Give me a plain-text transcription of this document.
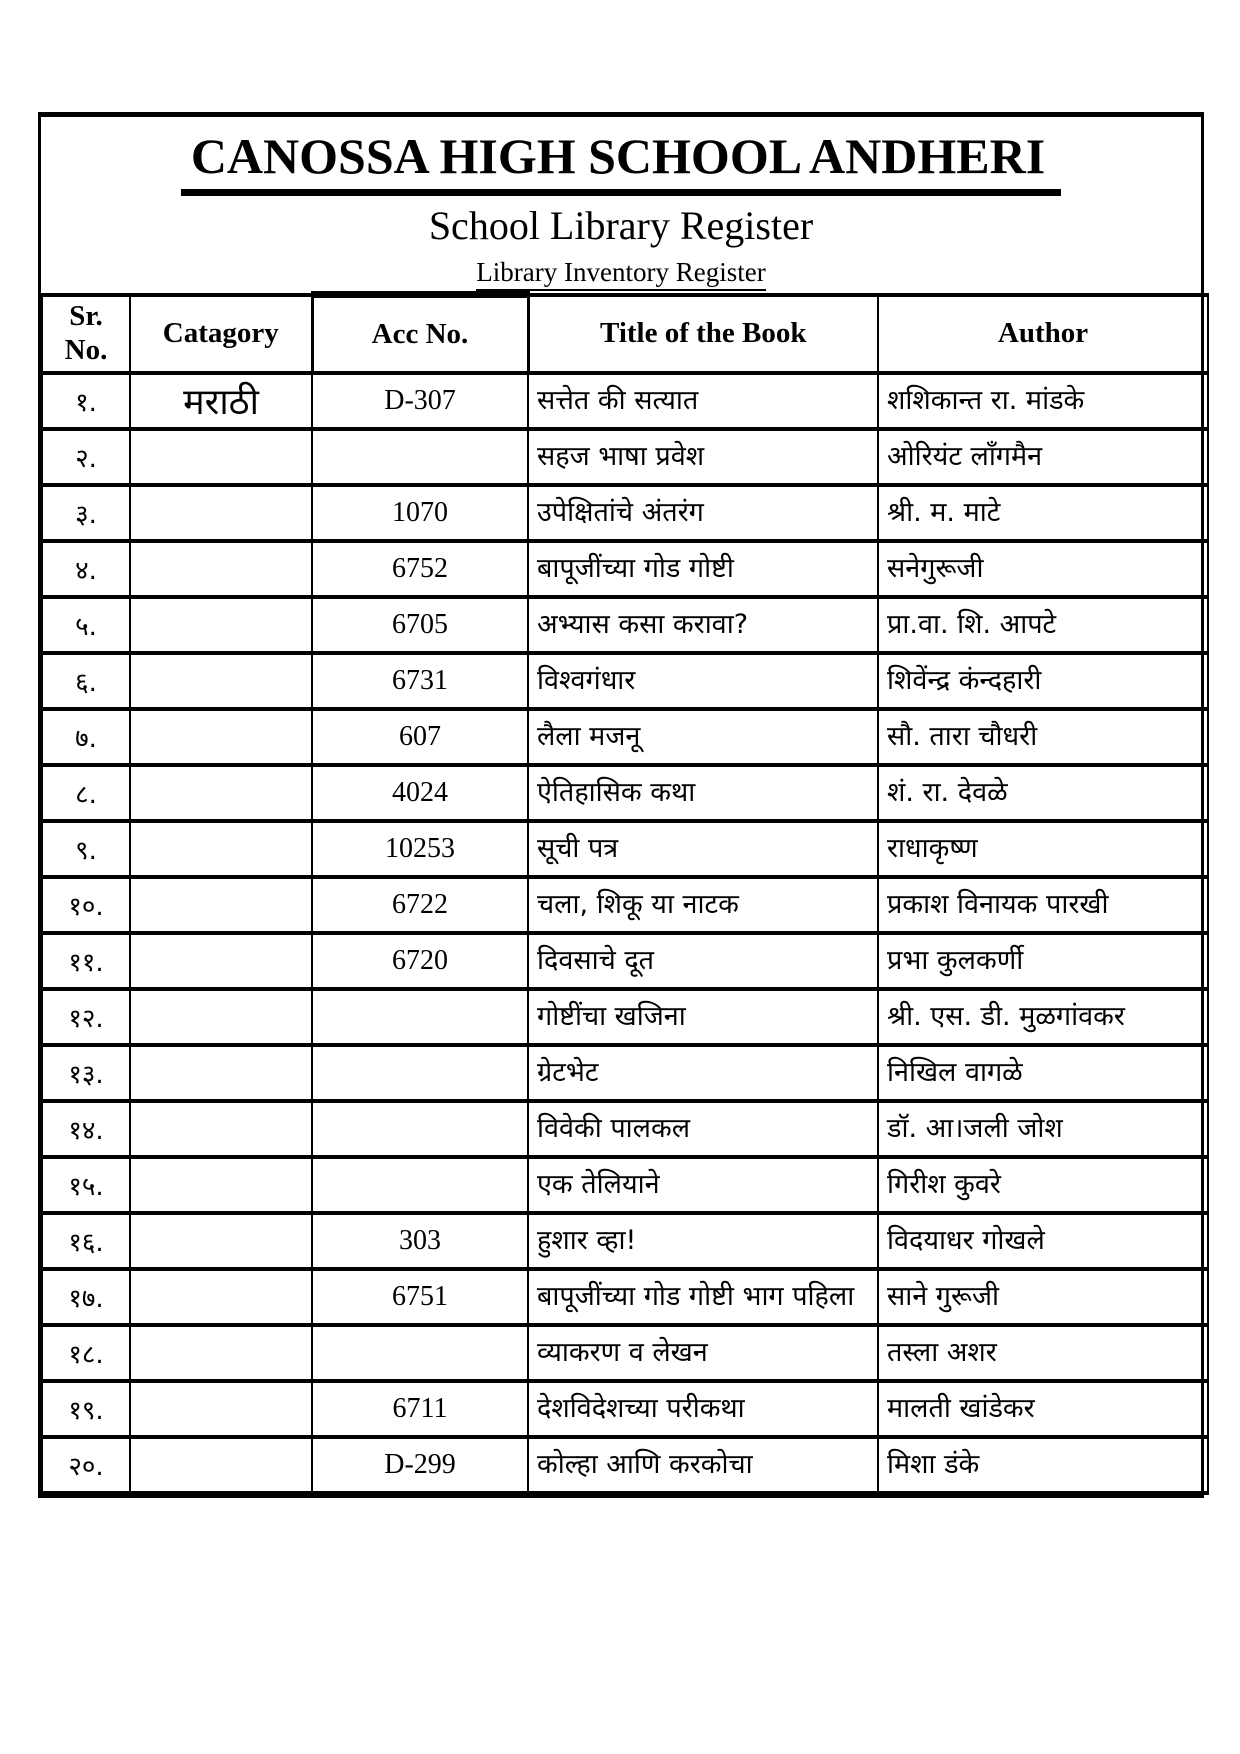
CANOSSA HIGH SCHOOL ANDHERI
School Library Register
Library Inventory Register
Sr. No.	Catagory	Acc No.	Title of the Book	Author
१.	मराठी	D-307	सत्तेत की सत्यात	शशिकान्त रा. मांडके
२.			सहज भाषा प्रवेश	ओरियंट लाँगमैन
३.		1070	उपेक्षितांचे अंतरंग	श्री. म. माटे
४.		6752	बापूजींच्या गोड गोष्टी	सनेगुरूजी
५.		6705	अभ्यास कसा करावा?	प्रा.वा. शि. आपटे
६.		6731	विश्वगंधार	शिवेंन्द्र कंन्दहारी
७.		607	लैला मजनू	सौ. तारा चौधरी
८.		4024	ऐतिहासिक कथा	शं. रा. देवळे
९.		10253	सूची पत्र	राधाकृष्ण
१०.		6722	चला, शिकू या नाटक	प्रकाश विनायक पारखी
११.		6720	दिवसाचे दूत	प्रभा कुलकर्णी
१२.			गोष्टींचा खजिना	श्री. एस. डी. मुळगांवकर
१३.			ग्रेटभेट	निखिल वागळे
१४.			विवेकी पालकल	डॉ. आ।जली जोश
१५.			एक तेलियाने	गिरीश कुवरे
१६.		303	हुशार व्हा!	विदयाधर गोखले
१७.		6751	बापूजींच्या गोड गोष्टी भाग पहिला	साने गुरूजी
१८.			व्याकरण व लेखन	तस्ला अशर
१९.		6711	देशविदेशच्या परीकथा	मालती खांडेकर
२०.		D-299	कोल्हा आणि करकोचा	मिशा डंके
